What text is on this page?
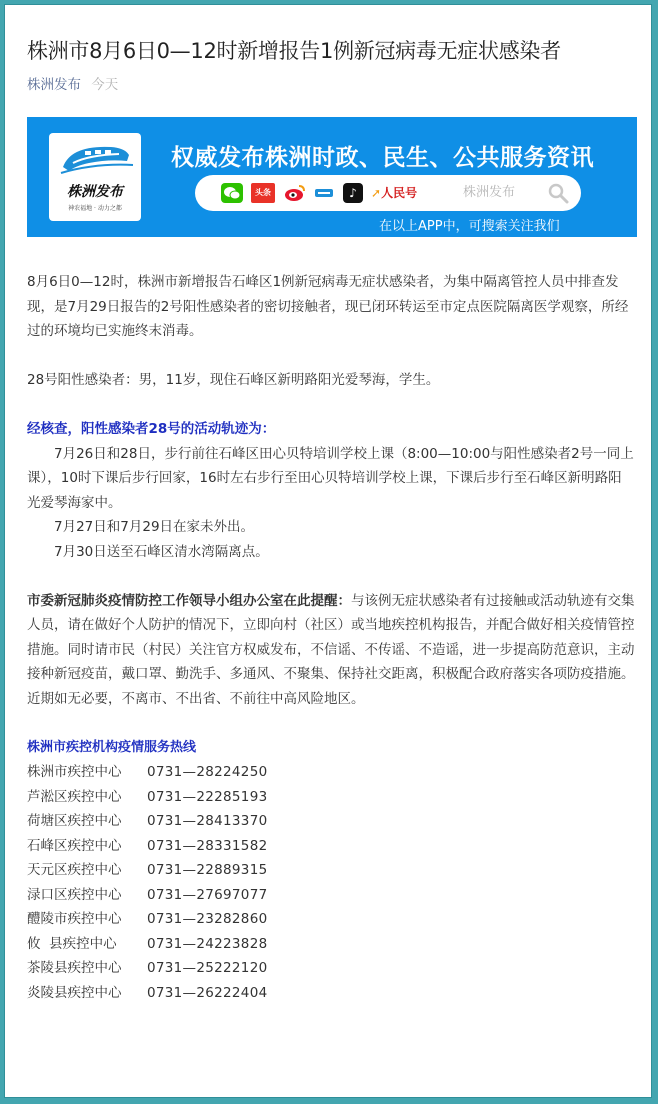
株洲市8月6日0—12时新增报告1例新冠病毒无症状感染者
株洲发布 今天
株洲发布
神农福地 · 动力之都
权威发布株洲时政、民生、公共服务资讯
头条	♪	➚人民号	株洲发布
在以上APP中，可搜索关注我们

8月6日0—12时，株洲市新增报告石峰区1例新冠病毒无症状感染者，为集中隔离管控人员中排查发现，是7月29日报告的2号阳性感染者的密切接触者，现已闭环转运至市定点医院隔离医学观察，所经过的环境均已实施终末消毒。

28号阳性感染者：男，11岁，现住石峰区新明路阳光爱琴海，学生。

经核查，阳性感染者28号的活动轨迹为：

7月26日和28日，步行前往石峰区田心贝特培训学校上课（8:00—10:00与阳性感染者2号一同上课），10时下课后步行回家，16时左右步行至田心贝特培训学校上课，下课后步行至石峰区新明路阳光爱琴海家中。

7月27日和7月29日在家未外出。

7月30日送至石峰区清水湾隔离点。

市委新冠肺炎疫情防控工作领导小组办公室在此提醒：与该例无症状感染者有过接触或活动轨迹有交集人员，请在做好个人防护的情况下，立即向村（社区）或当地疾控机构报告，并配合做好相关疫情管控措施。同时请市民（村民）关注官方权威发布，不信谣、不传谣、不造谣，进一步提高防范意识，主动接种新冠疫苗，戴口罩、勤洗手、多通风、不聚集、保持社交距离，积极配合政府落实各项防疫措施。近期如无必要，不离市、不出省、不前往中高风险地区。

株洲市疾控机构疫情服务热线

株洲市疾控中心	0731—28224250
芦淞区疾控中心	0731—22285193
荷塘区疾控中心	0731—28413370
石峰区疾控中心	0731—28331582
天元区疾控中心	0731—22889315
渌口区疾控中心	0731—27697077
醴陵市疾控中心	0731—23282860
攸  县疾控中心	0731—24223828
茶陵县疾控中心	0731—25222120
炎陵县疾控中心	0731—26222404
